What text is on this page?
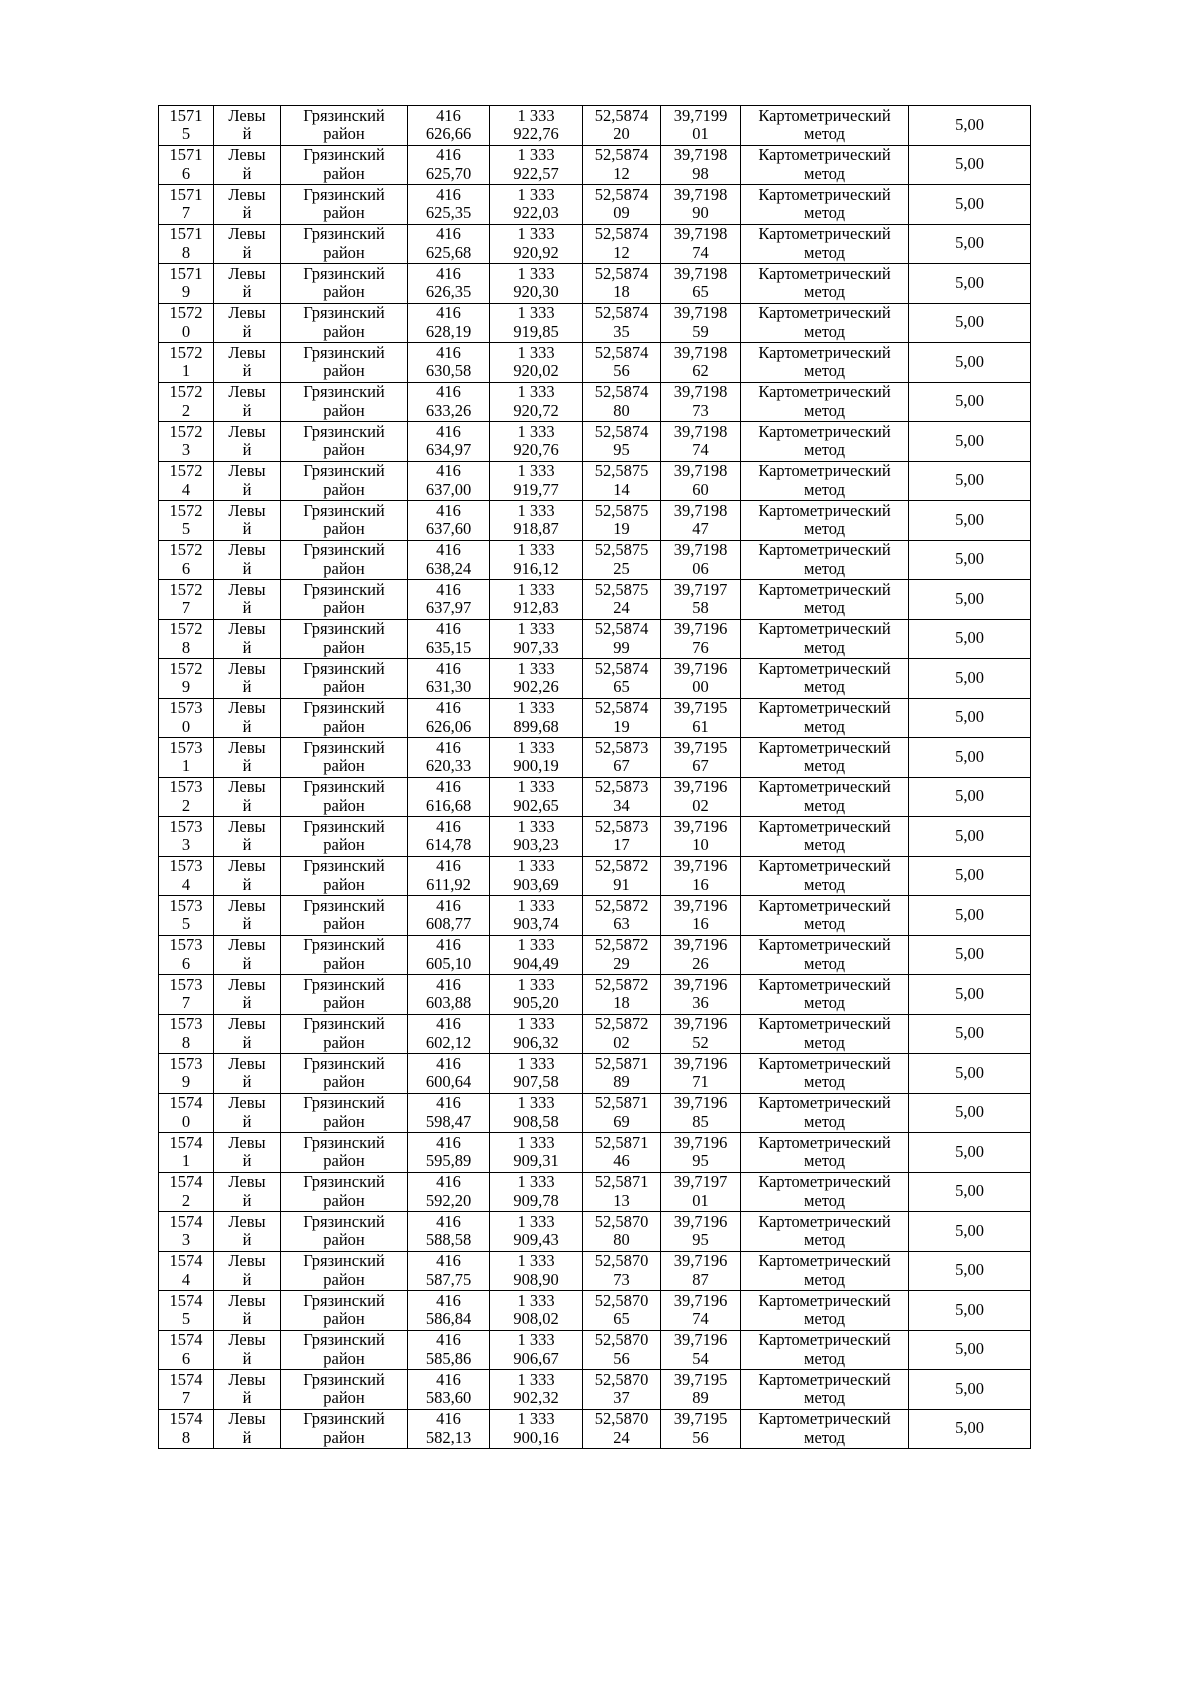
15715	Левый	Грязинский район	416 626,66	1 333 922,76	52,587420	39,719901	Картометрический метод	5,00

15716	Левый	Грязинский район	416 625,70	1 333 922,57	52,587412	39,719898	Картометрический метод	5,00

15717	Левый	Грязинский район	416 625,35	1 333 922,03	52,587409	39,719890	Картометрический метод	5,00

15718	Левый	Грязинский район	416 625,68	1 333 920,92	52,587412	39,719874	Картометрический метод	5,00

15719	Левый	Грязинский район	416 626,35	1 333 920,30	52,587418	39,719865	Картометрический метод	5,00

15720	Левый	Грязинский район	416 628,19	1 333 919,85	52,587435	39,719859	Картометрический метод	5,00

15721	Левый	Грязинский район	416 630,58	1 333 920,02	52,587456	39,719862	Картометрический метод	5,00

15722	Левый	Грязинский район	416 633,26	1 333 920,72	52,587480	39,719873	Картометрический метод	5,00

15723	Левый	Грязинский район	416 634,97	1 333 920,76	52,587495	39,719874	Картометрический метод	5,00

15724	Левый	Грязинский район	416 637,00	1 333 919,77	52,587514	39,719860	Картометрический метод	5,00

15725	Левый	Грязинский район	416 637,60	1 333 918,87	52,587519	39,719847	Картометрический метод	5,00

15726	Левый	Грязинский район	416 638,24	1 333 916,12	52,587525	39,719806	Картометрический метод	5,00

15727	Левый	Грязинский район	416 637,97	1 333 912,83	52,587524	39,719758	Картометрический метод	5,00

15728	Левый	Грязинский район	416 635,15	1 333 907,33	52,587499	39,719676	Картометрический метод	5,00

15729	Левый	Грязинский район	416 631,30	1 333 902,26	52,587465	39,719600	Картометрический метод	5,00

15730	Левый	Грязинский район	416 626,06	1 333 899,68	52,587419	39,719561	Картометрический метод	5,00

15731	Левый	Грязинский район	416 620,33	1 333 900,19	52,587367	39,719567	Картометрический метод	5,00

15732	Левый	Грязинский район	416 616,68	1 333 902,65	52,587334	39,719602	Картометрический метод	5,00

15733	Левый	Грязинский район	416 614,78	1 333 903,23	52,587317	39,719610	Картометрический метод	5,00

15734	Левый	Грязинский район	416 611,92	1 333 903,69	52,587291	39,719616	Картометрический метод	5,00

15735	Левый	Грязинский район	416 608,77	1 333 903,74	52,587263	39,719616	Картометрический метод	5,00

15736	Левый	Грязинский район	416 605,10	1 333 904,49	52,587229	39,719626	Картометрический метод	5,00

15737	Левый	Грязинский район	416 603,88	1 333 905,20	52,587218	39,719636	Картометрический метод	5,00

15738	Левый	Грязинский район	416 602,12	1 333 906,32	52,587202	39,719652	Картометрический метод	5,00

15739	Левый	Грязинский район	416 600,64	1 333 907,58	52,587189	39,719671	Картометрический метод	5,00

15740	Левый	Грязинский район	416 598,47	1 333 908,58	52,587169	39,719685	Картометрический метод	5,00

15741	Левый	Грязинский район	416 595,89	1 333 909,31	52,587146	39,719695	Картометрический метод	5,00

15742	Левый	Грязинский район	416 592,20	1 333 909,78	52,587113	39,719701	Картометрический метод	5,00

15743	Левый	Грязинский район	416 588,58	1 333 909,43	52,587080	39,719695	Картометрический метод	5,00

15744	Левый	Грязинский район	416 587,75	1 333 908,90	52,587073	39,719687	Картометрический метод	5,00

15745	Левый	Грязинский район	416 586,84	1 333 908,02	52,587065	39,719674	Картометрический метод	5,00

15746	Левый	Грязинский район	416 585,86	1 333 906,67	52,587056	39,719654	Картометрический метод	5,00

15747	Левый	Грязинский район	416 583,60	1 333 902,32	52,587037	39,719589	Картометрический метод	5,00

15748	Левый	Грязинский район	416 582,13	1 333 900,16	52,587024	39,719556	Картометрический метод	5,00
